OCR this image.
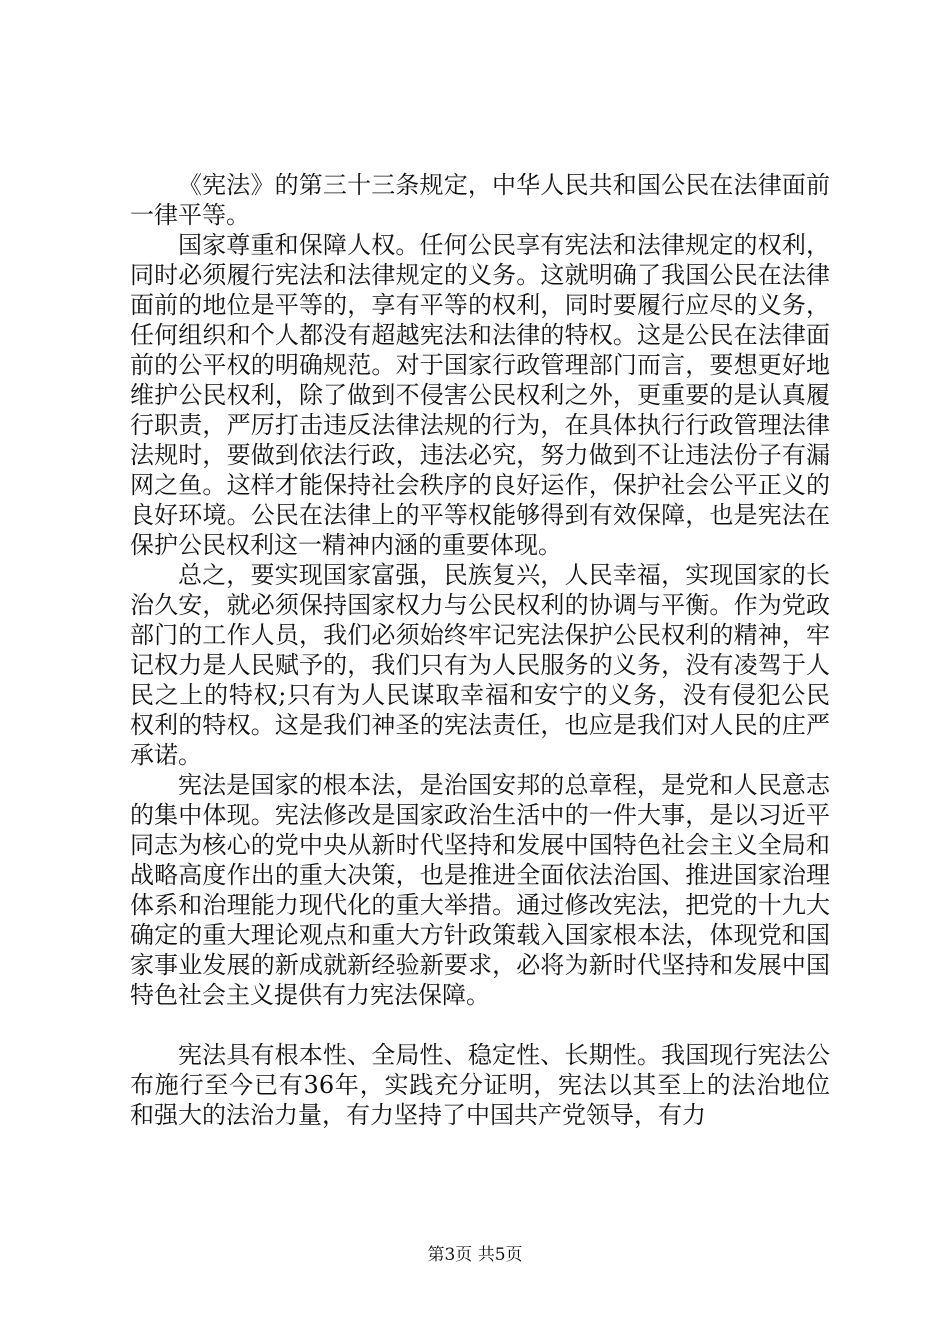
《宪法》的第三十三条规定，中华人民共和国公民在法律面前一律平等。

国家尊重和保障人权。任何公民享有宪法和法律规定的权利，同时必须履行宪法和法律规定的义务。这就明确了我国公民在法律面前的地位是平等的，享有平等的权利，同时要履行应尽的义务，任何组织和个人都没有超越宪法和法律的特权。这是公民在法律面前的公平权的明确规范。对于国家行政管理部门而言，要想更好地维护公民权利，除了做到不侵害公民权利之外，更重要的是认真履行职责，严厉打击违反法律法规的行为，在具体执行行政管理法律法规时，要做到依法行政，违法必究，努力做到不让违法份子有漏网之鱼。这样才能保持社会秩序的良好运作，保护社会公平正义的良好环境。公民在法律上的平等权能够得到有效保障，也是宪法在保护公民权利这一精神内涵的重要体现。

总之，要实现国家富强，民族复兴，人民幸福，实现国家的长治久安，就必须保持国家权力与公民权利的协调与平衡。作为党政部门的工作人员，我们必须始终牢记宪法保护公民权利的精神，牢记权力是人民赋予的，我们只有为人民服务的义务，没有凌驾于人民之上的特权;只有为人民谋取幸福和安宁的义务，没有侵犯公民权利的特权。这是我们神圣的宪法责任，也应是我们对人民的庄严承诺。

宪法是国家的根本法，是治国安邦的总章程，是党和人民意志的集中体现。宪法修改是国家政治生活中的一件大事，是以习近平同志为核心的党中央从新时代坚持和发展中国特色社会主义全局和战略高度作出的重大决策，也是推进全面依法治国、推进国家治理体系和治理能力现代化的重大举措。通过修改宪法，把党的十九大确定的重大理论观点和重大方针政策载入国家根本法，体现党和国家事业发展的新成就新经验新要求，必将为新时代坚持和发展中国特色社会主义提供有力宪法保障。

宪法具有根本性、全局性、稳定性、长期性。我国现行宪法公布施行至今已有36年，实践充分证明，宪法以其至上的法治地位和强大的法治力量，有力坚持了中国共产党领导，有力

第3页 共5页
